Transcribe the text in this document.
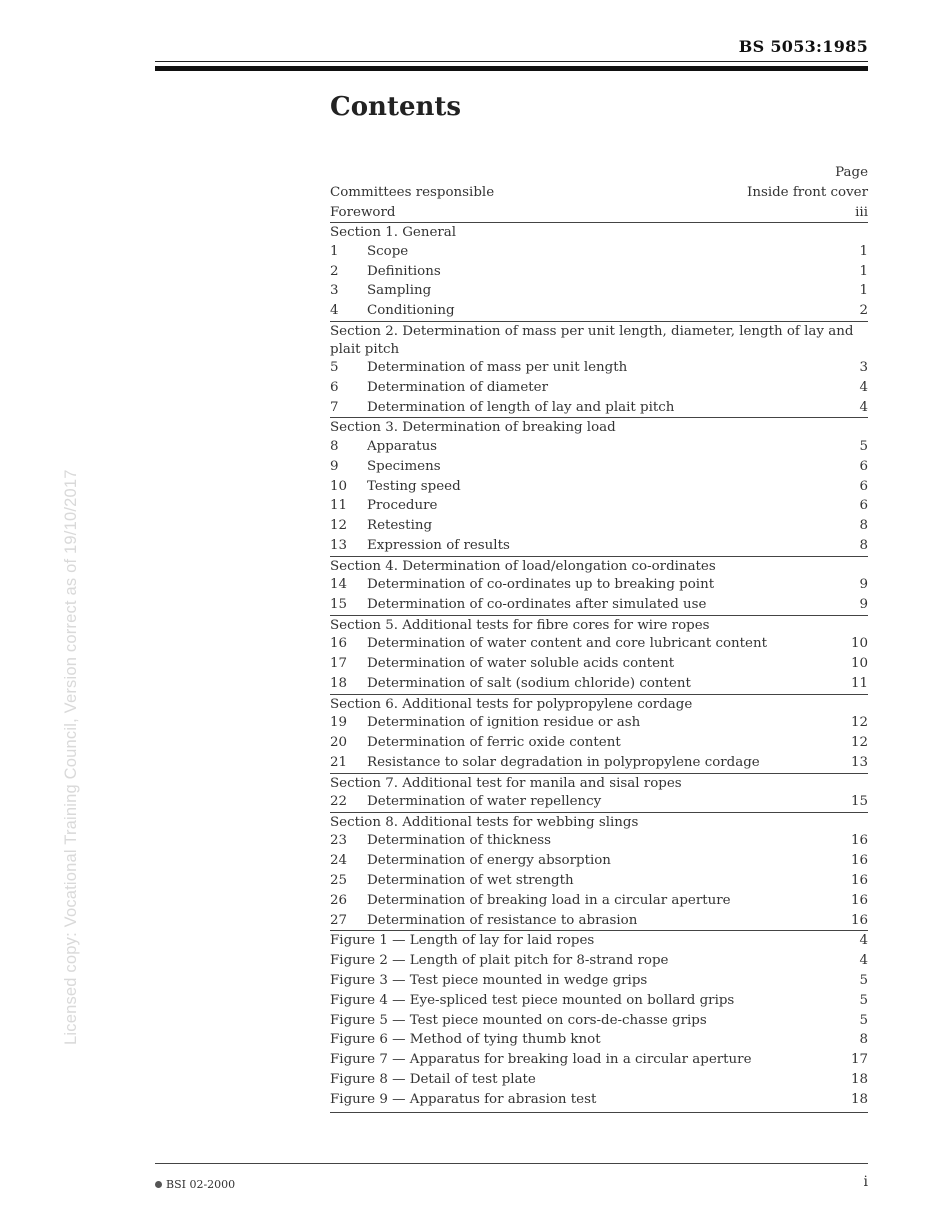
BS 5053:1985
Licensed copy: Vocational Training Council, Version correct as of 19/10/2017
Contents
Page
Committees responsible	Inside front cover
Foreword	iii
Section 1. General
1	Scope	1
2	Definitions	1
3	Sampling	1
4	Conditioning	2
Section 2. Determination of mass per unit length, diameter, length of lay and plait pitch
5	Determination of mass per unit length	3
6	Determination of diameter	4
7	Determination of length of lay and plait pitch	4
Section 3. Determination of breaking load
8	Apparatus	5
9	Specimens	6
10	Testing speed	6
11	Procedure	6
12	Retesting	8
13	Expression of results	8
Section 4. Determination of load/elongation co-ordinates
14	Determination of co-ordinates up to breaking point	9
15	Determination of co-ordinates after simulated use	9
Section 5. Additional tests for fibre cores for wire ropes
16	Determination of water content and core lubricant content	10
17	Determination of water soluble acids content	10
18	Determination of salt (sodium chloride) content	11
Section 6. Additional tests for polypropylene cordage
19	Determination of ignition residue or ash	12
20	Determination of ferric oxide content	12
21	Resistance to solar degradation in polypropylene cordage	13
Section 7. Additional test for manila and sisal ropes
22	Determination of water repellency	15
Section 8. Additional tests for webbing slings
23	Determination of thickness	16
24	Determination of energy absorption	16
25	Determination of wet strength	16
26	Determination of breaking load in a circular aperture	16
27	Determination of resistance to abrasion	16
Figure 1 — Length of lay for laid ropes	4
Figure 2 — Length of plait pitch for 8-strand rope	4
Figure 3 — Test piece mounted in wedge grips	5
Figure 4 — Eye-spliced test piece mounted on bollard grips	5
Figure 5 — Test piece mounted on cors-de-chasse grips	5
Figure 6 — Method of tying thumb knot	8
Figure 7 — Apparatus for breaking load in a circular aperture	17
Figure 8 — Detail of test plate	18
Figure 9 — Apparatus for abrasion test	18
BSI 02-2000	i
